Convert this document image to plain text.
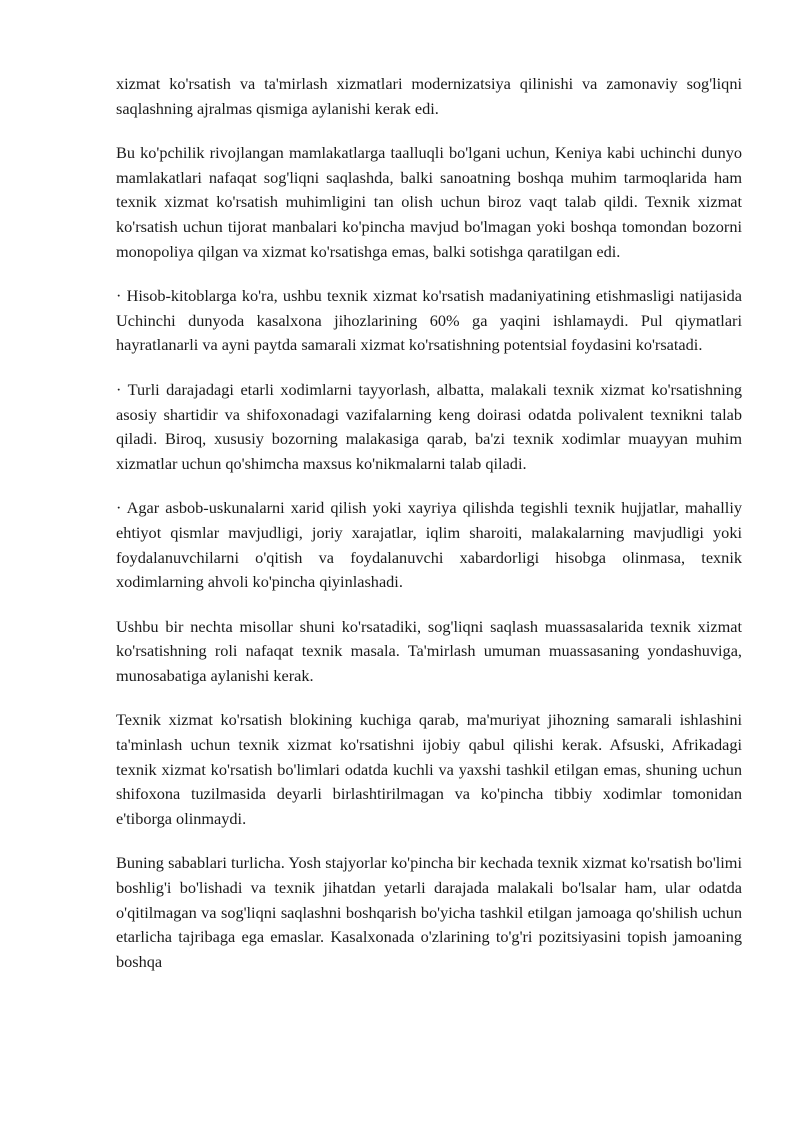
xizmat ko'rsatish va ta'mirlash xizmatlari modernizatsiya qilinishi va zamonaviy sog'liqni saqlashning ajralmas qismiga aylanishi kerak edi.

Bu ko'pchilik rivojlangan mamlakatlarga taalluqli bo'lgani uchun, Keniya kabi uchinchi dunyo mamlakatlari nafaqat sog'liqni saqlashda, balki sanoatning boshqa muhim tarmoqlarida ham texnik xizmat ko'rsatish muhimligini tan olish uchun biroz vaqt talab qildi. Texnik xizmat ko'rsatish uchun tijorat manbalari ko'pincha mavjud bo'lmagan yoki boshqa tomondan bozorni monopoliya qilgan va xizmat ko'rsatishga emas, balki sotishga qaratilgan edi.

· Hisob-kitoblarga ko'ra, ushbu texnik xizmat ko'rsatish madaniyatining etishmasligi natijasida Uchinchi dunyoda kasalxona jihozlarining 60% ga yaqini ishlamaydi. Pul qiymatlari hayratlanarli va ayni paytda samarali xizmat ko'rsatishning potentsial foydasini ko'rsatadi.

· Turli darajadagi etarli xodimlarni tayyorlash, albatta, malakali texnik xizmat ko'rsatishning asosiy shartidir va shifoxonadagi vazifalarning keng doirasi odatda polivalent texnikni talab qiladi. Biroq, xususiy bozorning malakasiga qarab, ba'zi texnik xodimlar muayyan muhim xizmatlar uchun qo'shimcha maxsus ko'nikmalarni talab qiladi.

· Agar asbob-uskunalarni xarid qilish yoki xayriya qilishda tegishli texnik hujjatlar, mahalliy ehtiyot qismlar mavjudligi, joriy xarajatlar, iqlim sharoiti, malakalarning mavjudligi yoki foydalanuvchilarni o'qitish va foydalanuvchi xabardorligi hisobga olinmasa, texnik xodimlarning ahvoli ko'pincha qiyinlashadi.

Ushbu bir nechta misollar shuni ko'rsatadiki, sog'liqni saqlash muassasalarida texnik xizmat ko'rsatishning roli nafaqat texnik masala. Ta'mirlash umuman muassasaning yondashuviga, munosabatiga aylanishi kerak.

Texnik xizmat ko'rsatish blokining kuchiga qarab, ma'muriyat jihozning samarali ishlashini ta'minlash uchun texnik xizmat ko'rsatishni ijobiy qabul qilishi kerak. Afsuski, Afrikadagi texnik xizmat ko'rsatish bo'limlari odatda kuchli va yaxshi tashkil etilgan emas, shuning uchun shifoxona tuzilmasida deyarli birlashtirilmagan va ko'pincha tibbiy xodimlar tomonidan e'tiborga olinmaydi.

Buning sabablari turlicha. Yosh stajyorlar ko'pincha bir kechada texnik xizmat ko'rsatish bo'limi boshlig'i bo'lishadi va texnik jihatdan yetarli darajada malakali bo'lsalar ham, ular odatda o'qitilmagan va sog'liqni saqlashni boshqarish bo'yicha tashkil etilgan jamoaga qo'shilish uchun etarlicha tajribaga ega emaslar. Kasalxonada o'zlarining to'g'ri pozitsiyasini topish jamoaning boshqa
